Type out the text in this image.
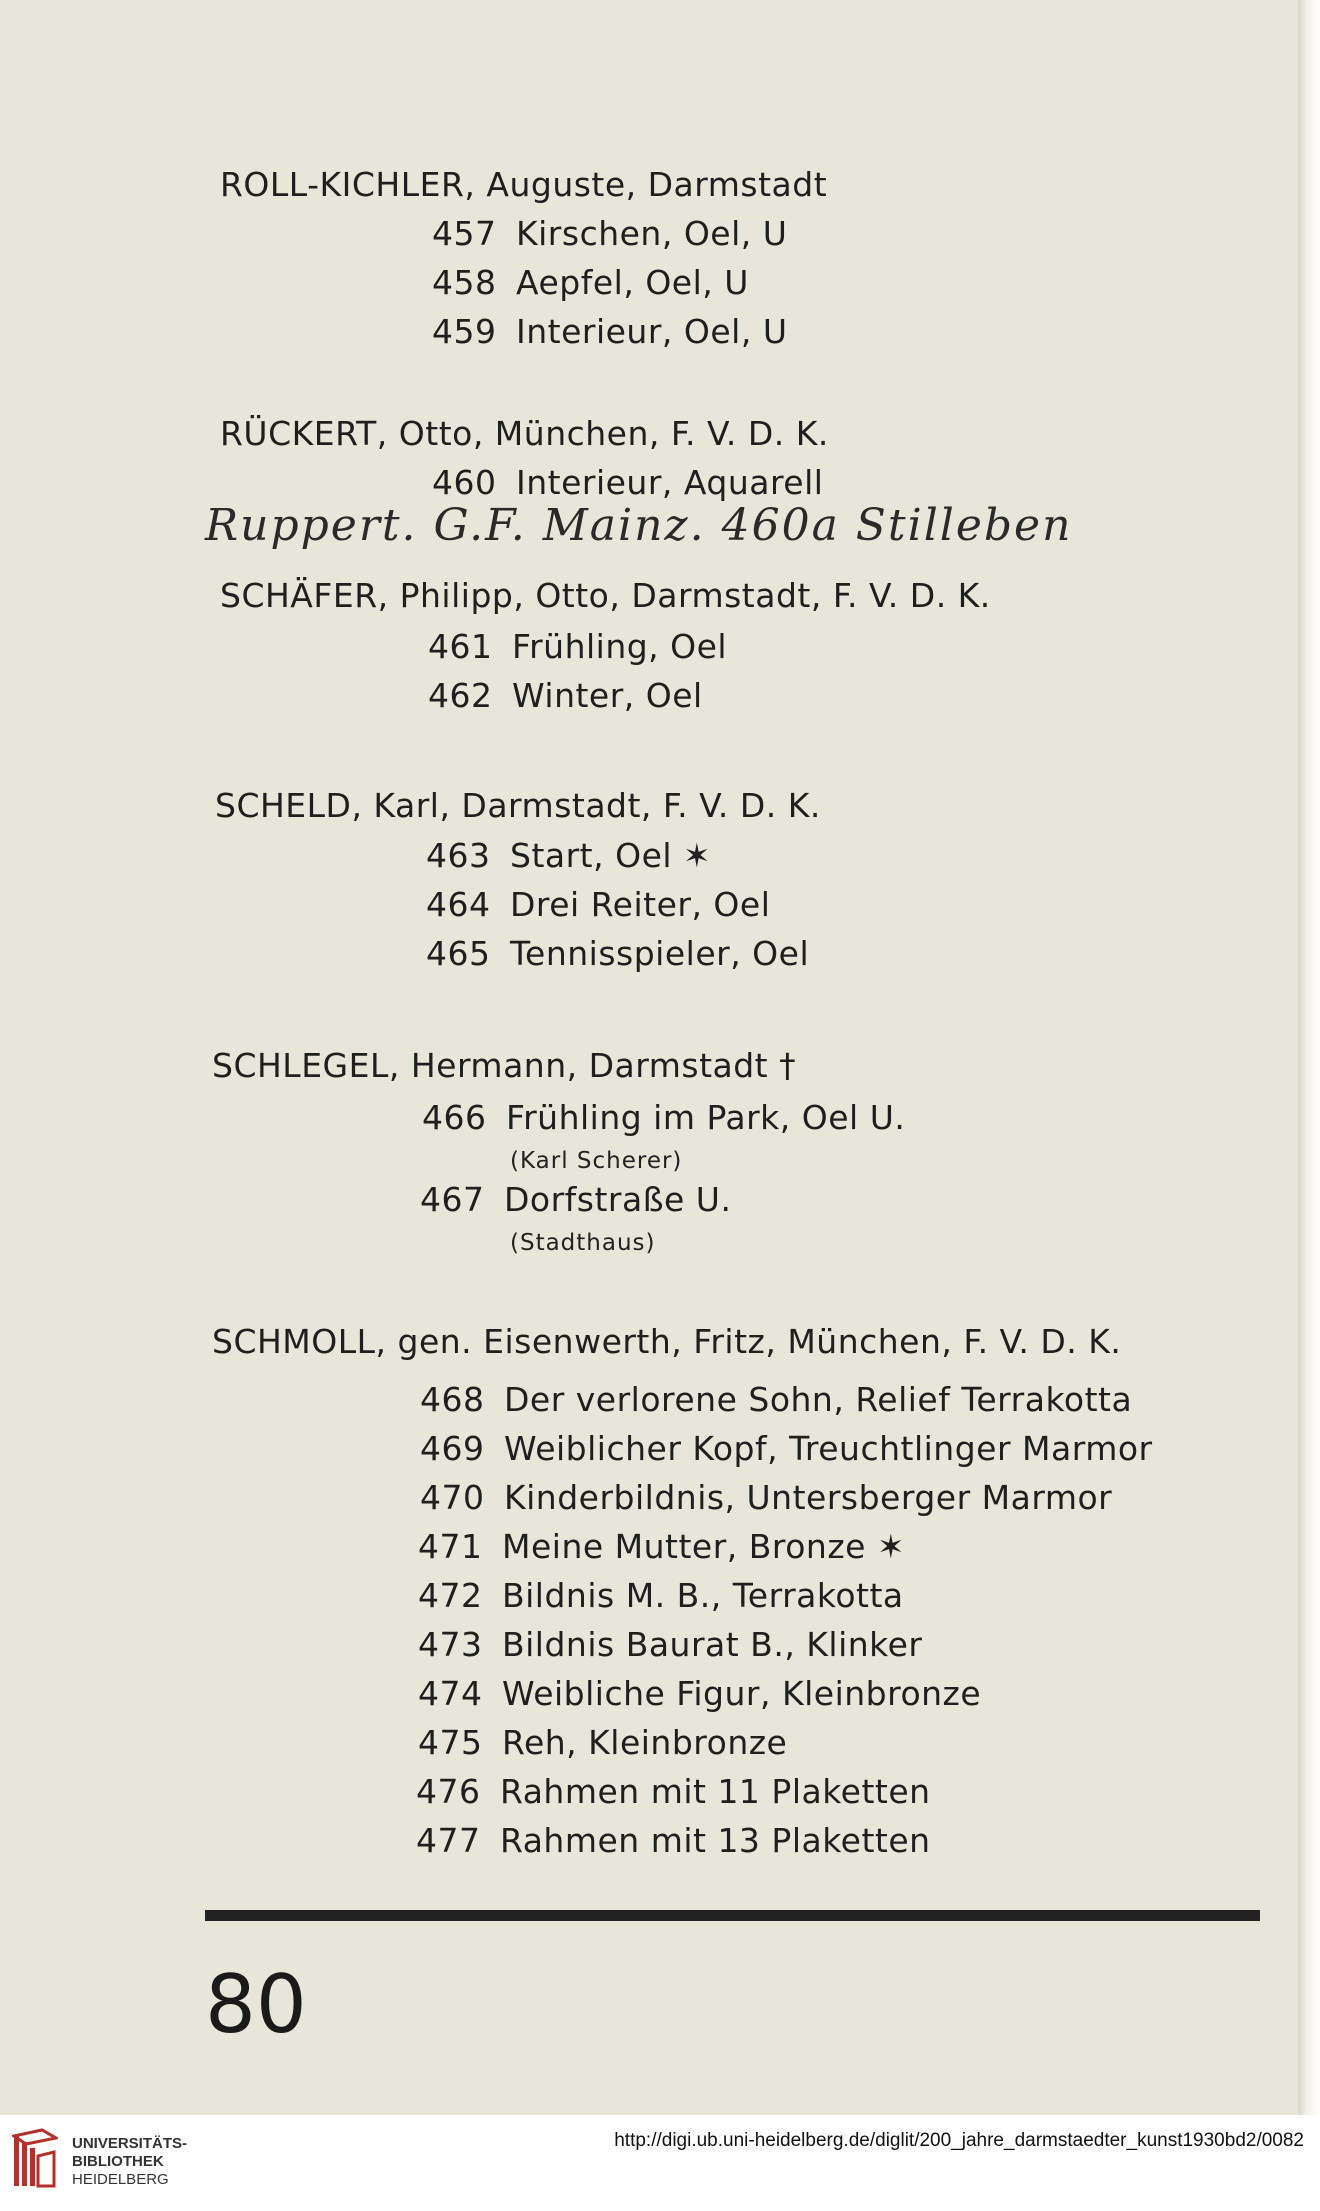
ROLL-KICHLER, Auguste, Darmstadt
457 Kirschen, Oel, U
458 Aepfel, Oel, U
459 Interieur, Oel, U
RÜCKERT, Otto, München, F. V. D. K.
460 Interieur, Aquarell
Ruppert. G.F. Mainz. 460a Stilleben
SCHÄFER, Philipp, Otto, Darmstadt, F. V. D. K.
461 Frühling, Oel
462 Winter, Oel
SCHELD, Karl, Darmstadt, F. V. D. K.
463 Start, Oel ✶
464 Drei Reiter, Oel
465 Tennisspieler, Oel
SCHLEGEL, Hermann, Darmstadt †
466 Frühling im Park, Oel U.
(Karl Scherer)
467 Dorfstraße U.
(Stadthaus)
SCHMOLL, gen. Eisenwerth, Fritz, München, F. V. D. K.
468 Der verlorene Sohn, Relief Terrakotta
469 Weiblicher Kopf, Treuchtlinger Marmor
470 Kinderbildnis, Untersberger Marmor
471 Meine Mutter, Bronze ✶
472 Bildnis M. B., Terrakotta
473 Bildnis Baurat B., Klinker
474 Weibliche Figur, Kleinbronze
475 Reh, Kleinbronze
476 Rahmen mit 11 Plaketten
477 Rahmen mit 13 Plaketten
80
UNIVERSITÄTS-
BIBLIOTHEK
HEIDELBERG
http://digi.ub.uni-heidelberg.de/diglit/200_jahre_darmstaedter_kunst1930bd2/0082
